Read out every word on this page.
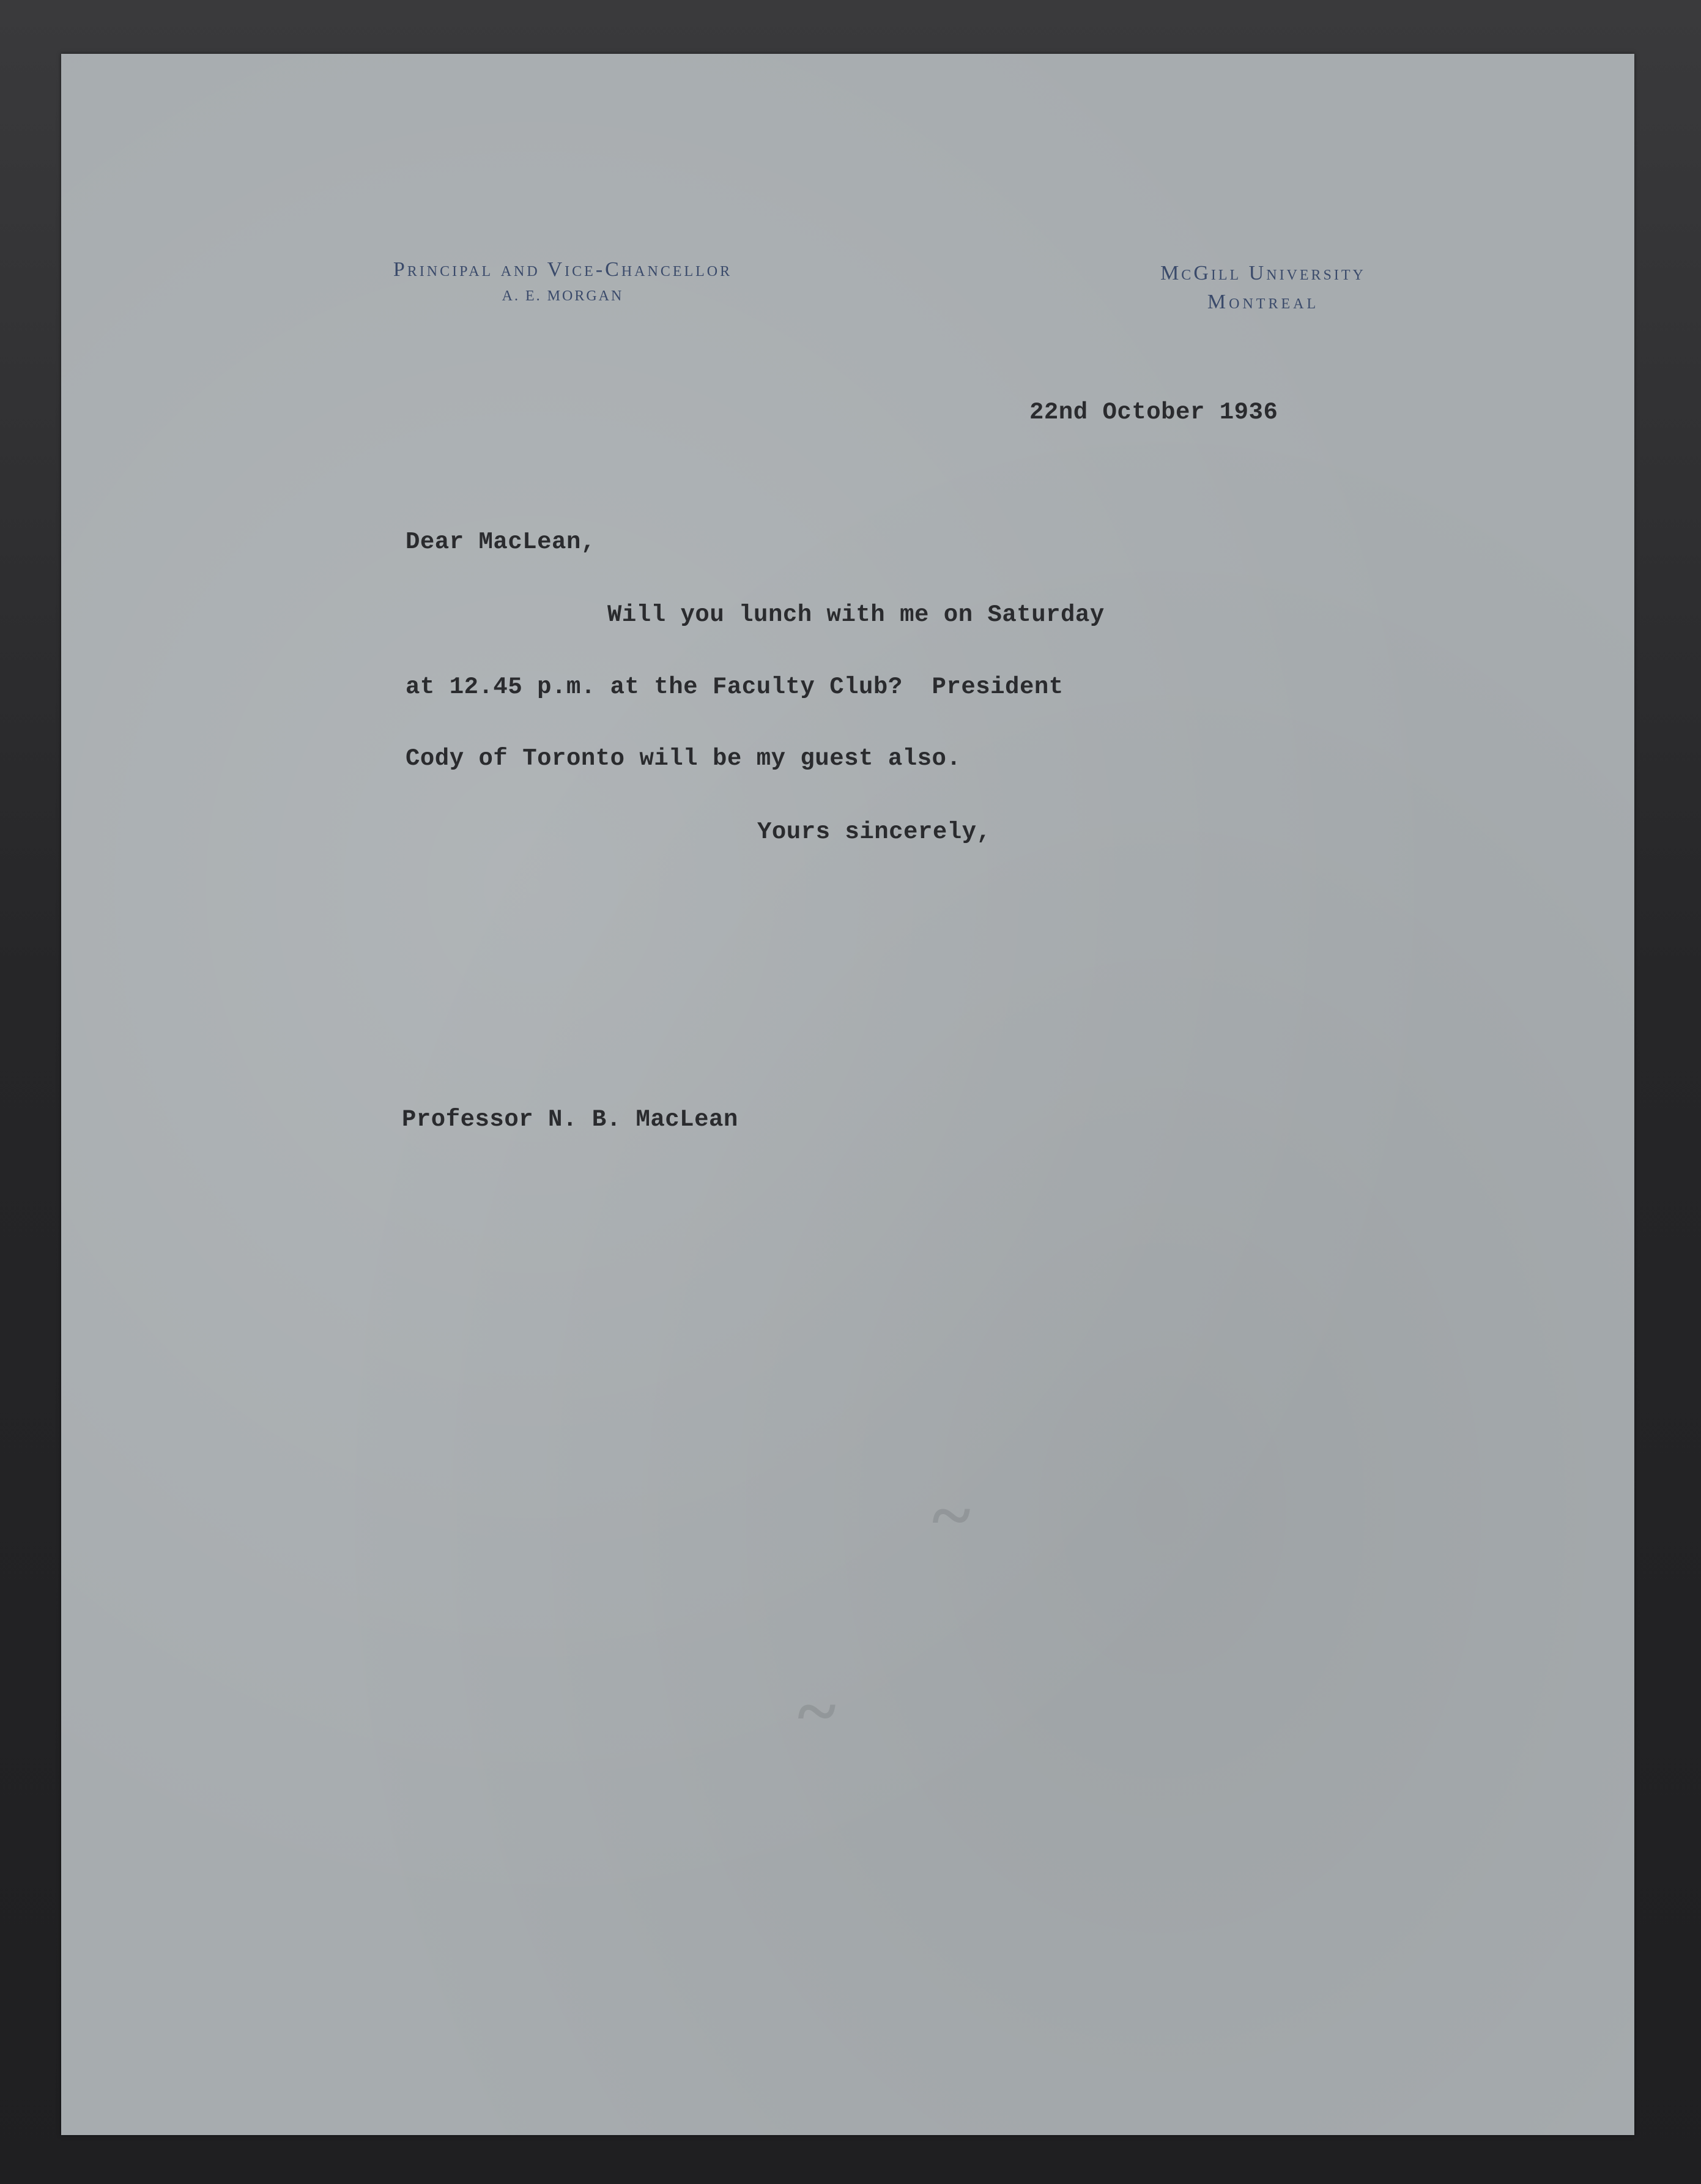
Principal and Vice-Chancellor
A. E. MORGAN
McGill University
Montreal
22nd October 1936
Dear MacLean,
Will you lunch with me on Saturday
at 12.45 p.m. at the Faculty Club?  President
Cody of Toronto will be my guest also.
Yours sincerely,
Professor N. B. MacLean
~
~
